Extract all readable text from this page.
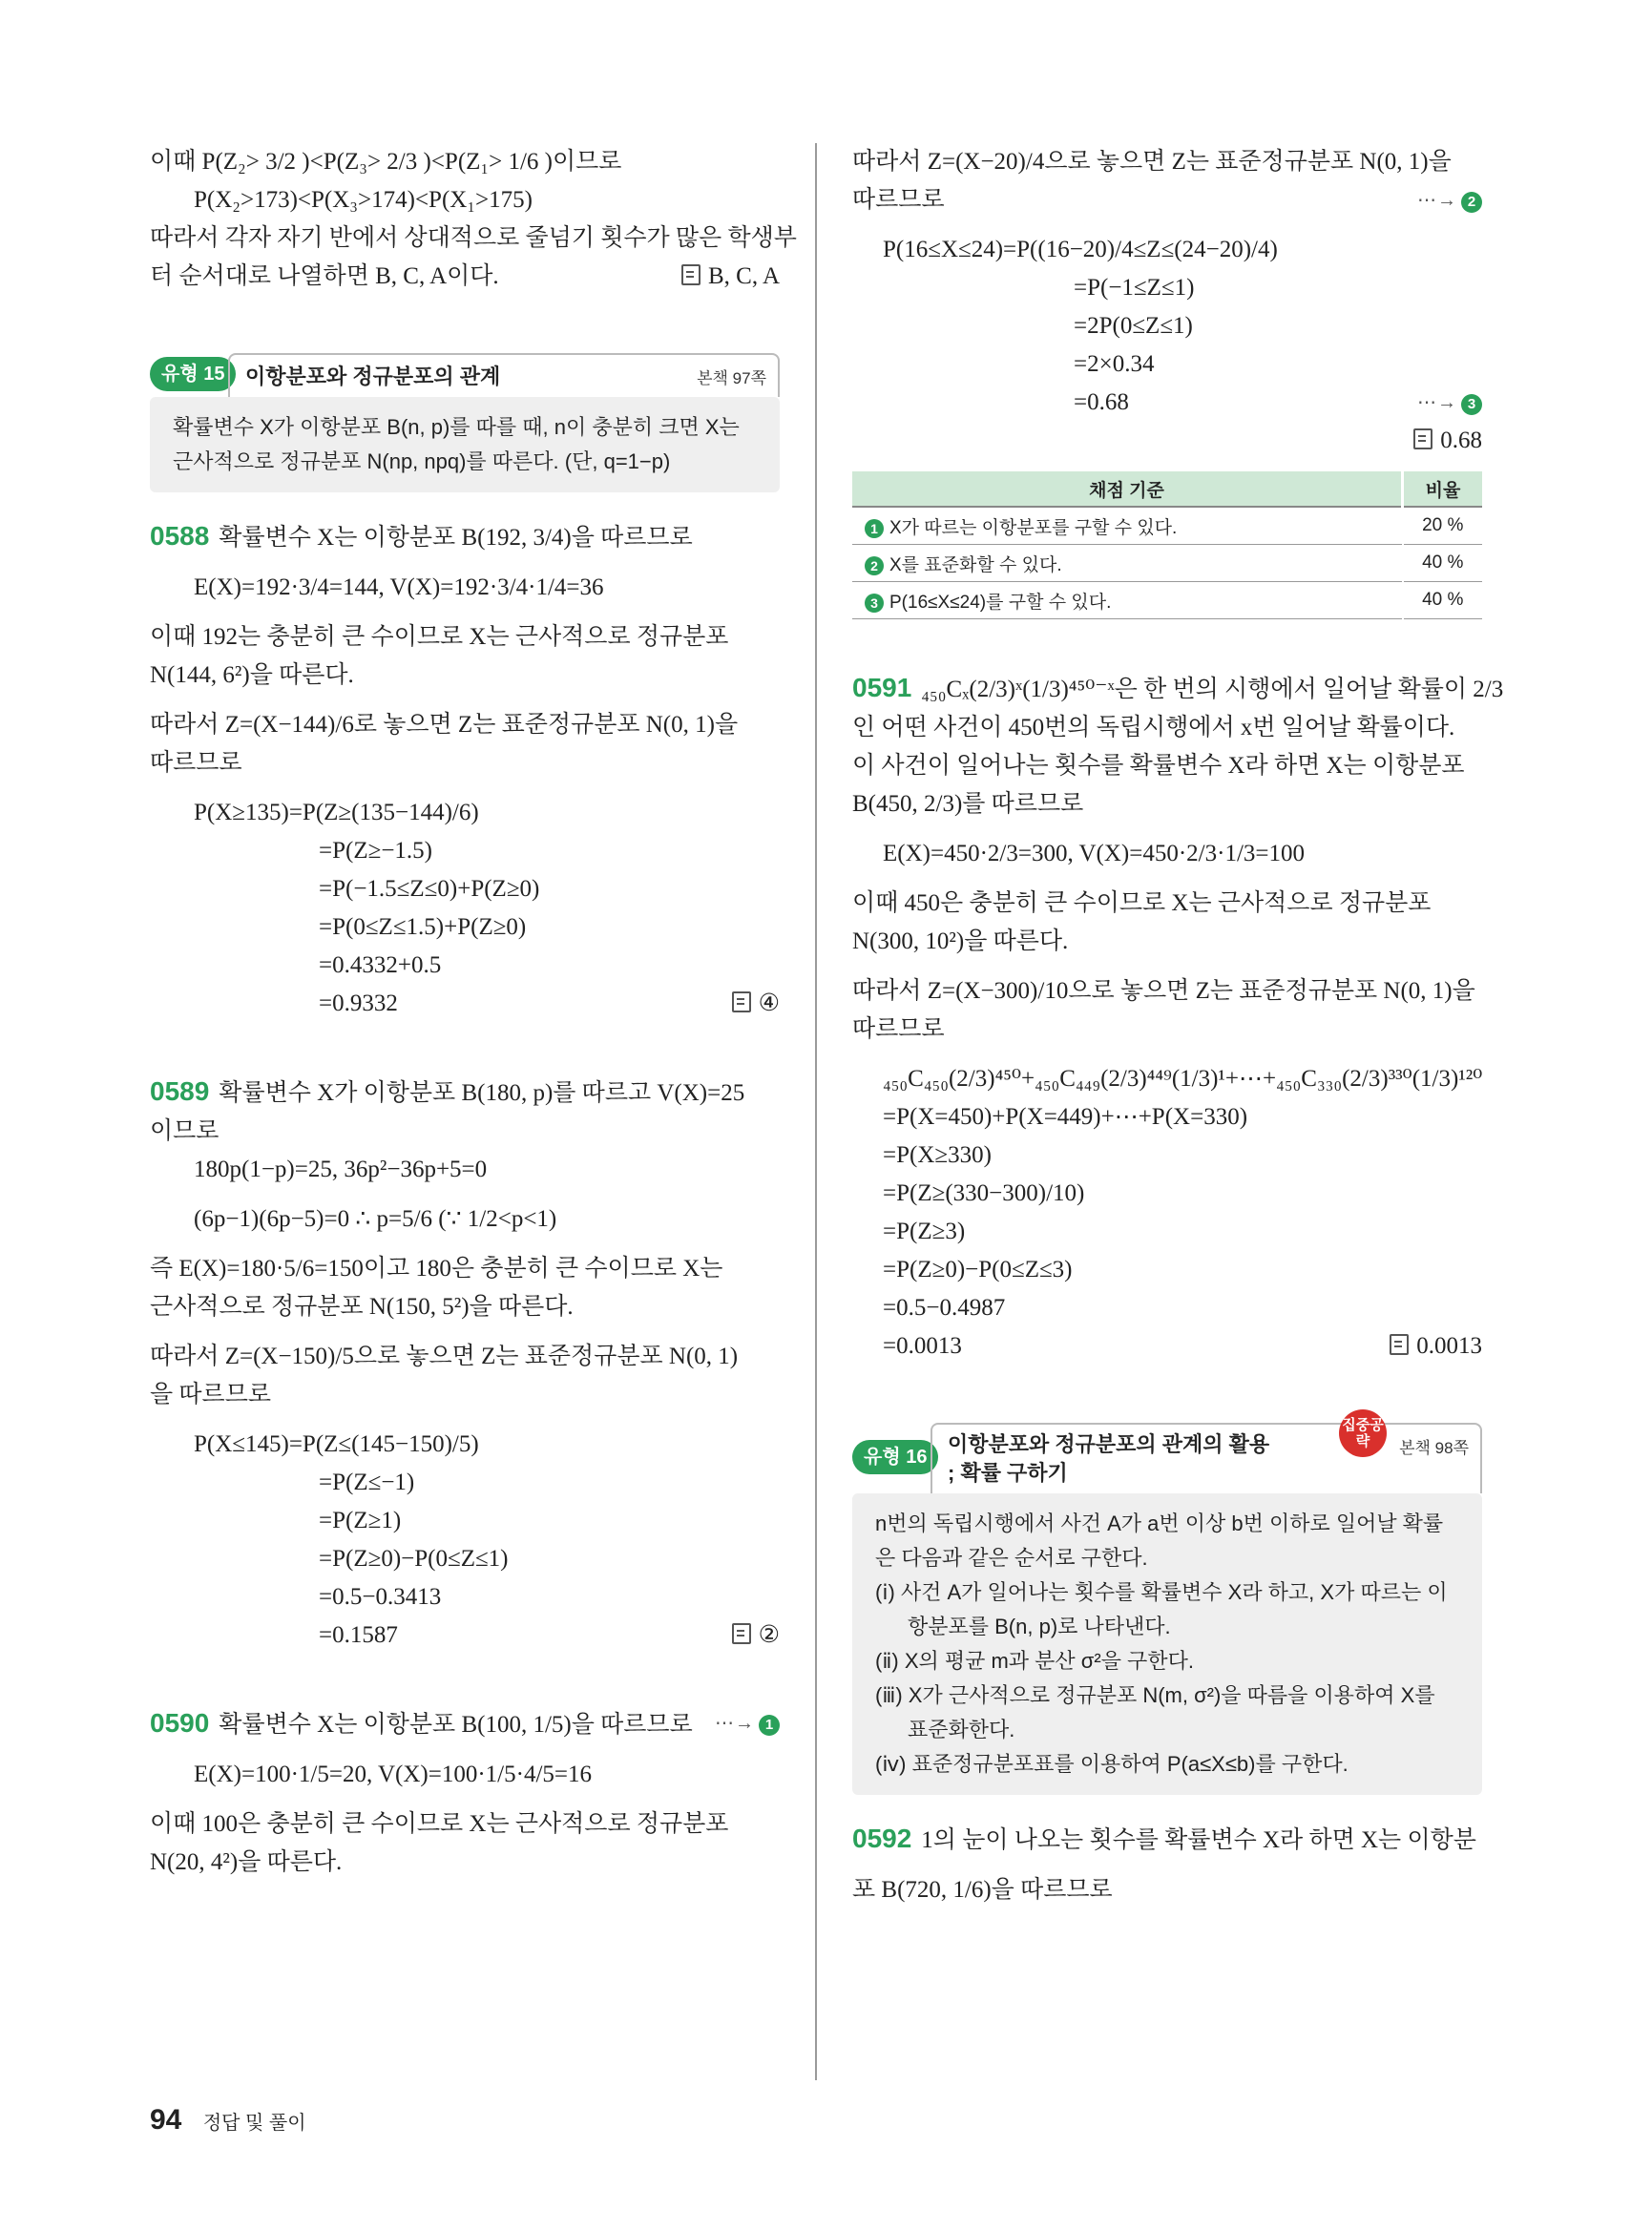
이때 P(Z₂> 3/2 )<P(Z₃> 2/3 )<P(Z₁> 1/6 )이므로
P(X₂>173)<P(X₃>174)<P(X₁>175)
따라서 각자 자기 반에서 상대적으로 줄넘기 횟수가 많은 학생부
터 순서대로 나열하면 B, C, A이다.	B, C, A
유형 15 이항분포와 정규분포의 관계	본책 97쪽
확률변수 X가 이항분포 B(n, p)를 따를 때, n이 충분히 크면 X는 근사적으로 정규분포 N(np, npq)를 따른다. (단, q=1−p)
0588 확률변수 X는 이항분포 B(192, 3/4)을 따르므로
E(X)=192·3/4=144, V(X)=192·3/4·1/4=36
이때 192는 충분히 큰 수이므로 X는 근사적으로 정규분포
N(144, 6²)을 따른다.
따라서 Z=(X−144)/6로 놓으면 Z는 표준정규분포 N(0, 1)을
따르므로
P(X≥135)=P(Z≥(135−144)/6)
=P(Z≥−1.5)
=P(−1.5≤Z≤0)+P(Z≥0)
=P(0≤Z≤1.5)+P(Z≥0)
=0.4332+0.5
=0.9332	④
0589 확률변수 X가 이항분포 B(180, p)를 따르고 V(X)=25
이므로
180p(1−p)=25, 36p²−36p+5=0
(6p−1)(6p−5)=0 ∴ p=5/6 (∵ 1/2<p<1)
즉 E(X)=180·5/6=150이고 180은 충분히 큰 수이므로 X는
근사적으로 정규분포 N(150, 5²)을 따른다.
따라서 Z=(X−150)/5으로 놓으면 Z는 표준정규분포 N(0, 1)
을 따르므로
P(X≤145)=P(Z≤(145−150)/5)
=P(Z≤−1)
=P(Z≥1)
=P(Z≥0)−P(0≤Z≤1)
=0.5−0.3413
=0.1587	②
0590 확률변수 X는 이항분포 B(100, 1/5)을 따르므로 ⋯→ 1
E(X)=100·1/5=20, V(X)=100·1/5·4/5=16
이때 100은 충분히 큰 수이므로 X는 근사적으로 정규분포
N(20, 4²)을 따른다.
따라서 Z=(X−20)/4으로 놓으면 Z는 표준정규분포 N(0, 1)을
따르므로	⋯→ 2
P(16≤X≤24)=P((16−20)/4≤Z≤(24−20)/4)
=P(−1≤Z≤1)
=2P(0≤Z≤1)
=2×0.34
=0.68	⋯→ 3
0.68

채점 기준	비율
1 X가 따르는 이항분포를 구할 수 있다.	20 %
2 X를 표준화할 수 있다.	40 %
3 P(16≤X≤24)를 구할 수 있다.	40 %
0591 ₄₅₀Cₓ(2/3)ˣ(1/3)⁴⁵⁰⁻ˣ은 한 번의 시행에서 일어날 확률이 2/3
인 어떤 사건이 450번의 독립시행에서 x번 일어날 확률이다.
이 사건이 일어나는 횟수를 확률변수 X라 하면 X는 이항분포
B(450, 2/3)를 따르므로
E(X)=450·2/3=300, V(X)=450·2/3·1/3=100
이때 450은 충분히 큰 수이므로 X는 근사적으로 정규분포
N(300, 10²)을 따른다.
따라서 Z=(X−300)/10으로 놓으면 Z는 표준정규분포 N(0, 1)을
따르므로
₄₅₀C₄₅₀(2/3)⁴⁵⁰+₄₅₀C₄₄₉(2/3)⁴⁴⁹(1/3)¹+⋯+₄₅₀C₃₃₀(2/3)³³⁰(1/3)¹²⁰
=P(X=450)+P(X=449)+⋯+P(X=330)
=P(X≥330)
=P(Z≥(330−300)/10)
=P(Z≥3)
=P(Z≥0)−P(0≤Z≤3)
=0.5−0.4987
=0.0013	0.0013
유형 16
이항분포와 정규분포의 관계의 활용
; 확률 구하기
집중공략	본책 98쪽
n번의 독립시행에서 사건 A가 a번 이상 b번 이하로 일어날 확률은 다음과 같은 순서로 구한다.
(ⅰ) 사건 A가 일어나는 횟수를 확률변수 X라 하고, X가 따르는 이항분포를 B(n, p)로 나타낸다.
(ⅱ) X의 평균 m과 분산 σ²을 구한다.
(ⅲ) X가 근사적으로 정규분포 N(m, σ²)을 따름을 이용하여 X를 표준화한다.
(ⅳ) 표준정규분포표를 이용하여 P(a≤X≤b)를 구한다.
0592 1의 눈이 나오는 횟수를 확률변수 X라 하면 X는 이항분
포 B(720, 1/6)을 따르므로
94 정답 및 풀이
